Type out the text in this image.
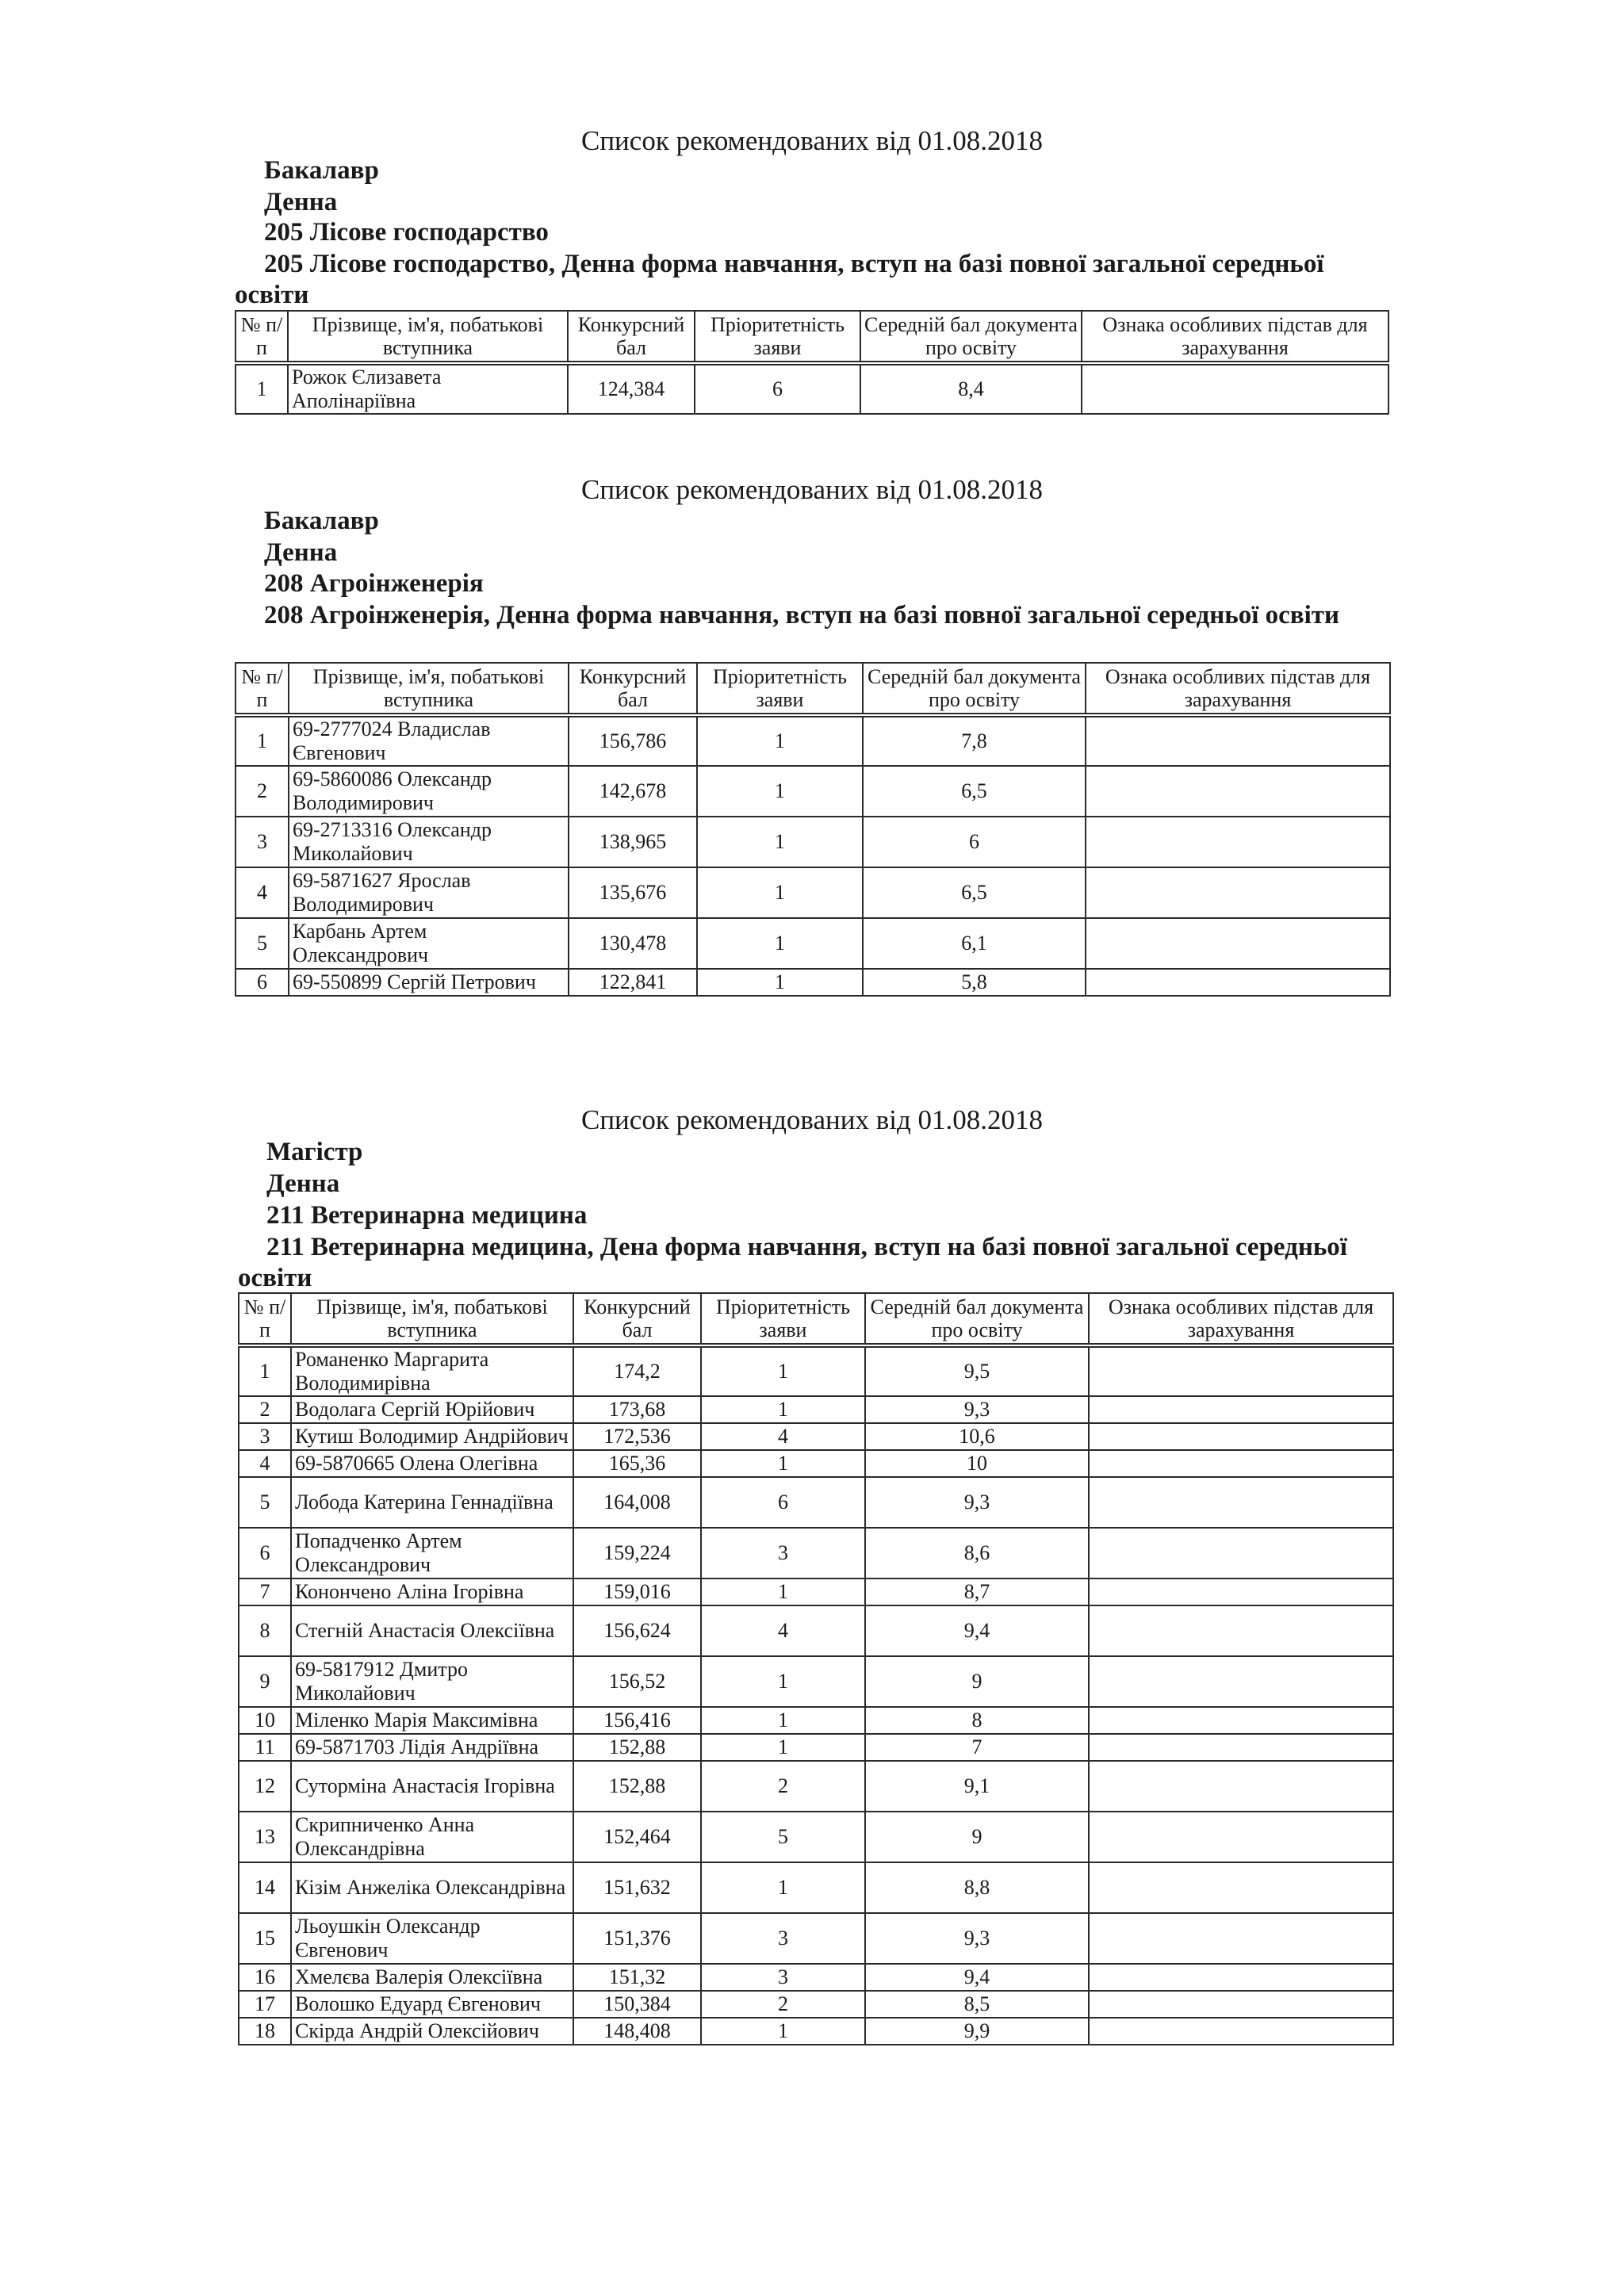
Список рекомендованих від 01.08.2018
Бакалавр
Денна
205 Лісове господарство
205 Лісове господарство, Денна форма навчання, вступ на базі повної загальної середньої освіти
№ п/п	Прізвище, ім'я, побатькові вступника	Конкурсний бал	Пріоритетність заяви	Середній бал документа про освіту	Ознака особливих підстав для зарахування
1	Рожок Єлизавета Аполінаріївна	124,384	6	8,4	
Список рекомендованих від 01.08.2018
Бакалавр
Денна
208 Агроінженерія
208 Агроінженерія, Денна форма навчання, вступ на базі повної загальної середньої освіти
№ п/п	Прізвище, ім'я, побатькові вступника	Конкурсний бал	Пріоритетність заяви	Середній бал документа про освіту	Ознака особливих підстав для зарахування
1	69-2777024 Владислав Євгенович	156,786	1	7,8	
2	69-5860086 Олександр Володимирович	142,678	1	6,5	
3	69-2713316 Олександр Миколайович	138,965	1	6	
4	69-5871627 Ярослав Володимирович	135,676	1	6,5	
5	Карбань Артем Олександрович	130,478	1	6,1	
6	69-550899 Сергій Петрович	122,841	1	5,8	
Список рекомендованих від 01.08.2018
Магістр
Денна
211 Ветеринарна медицина
211 Ветеринарна медицина, Дена форма навчання, вступ на базі повної загальної середньої освіти
№ п/п	Прізвище, ім'я, побатькові вступника	Конкурсний бал	Пріоритетність заяви	Середній бал документа про освіту	Ознака особливих підстав для зарахування
1	Романенко Маргарита Володимирівна	174,2	1	9,5	
2	Водолага Сергій Юрійович	173,68	1	9,3	
3	Кутиш Володимир Андрійович	172,536	4	10,6	
4	69-5870665 Олена Олегівна	165,36	1	10	
5	Лобода Катерина Геннадіївна	164,008	6	9,3	
6	Попадченко Артем Олександрович	159,224	3	8,6	
7	Конончено Аліна Ігорівна	159,016	1	8,7	
8	Стегній Анастасія Олексіївна	156,624	4	9,4	
9	69-5817912 Дмитро Миколайович	156,52	1	9	
10	Міленко Марія Максимівна	156,416	1	8	
11	69-5871703 Лідія Андріївна	152,88	1	7	
12	Суторміна Анастасія Ігорівна	152,88	2	9,1	
13	Скрипниченко Анна Олександрівна	152,464	5	9	
14	Кізім Анжеліка Олександрівна	151,632	1	8,8	
15	Льоушкін Олександр Євгенович	151,376	3	9,3	
16	Хмелєва Валерія Олексіївна	151,32	3	9,4	
17	Волошко Едуард Євгенович	150,384	2	8,5	
18	Скірда Андрій Олексійович	148,408	1	9,9	
